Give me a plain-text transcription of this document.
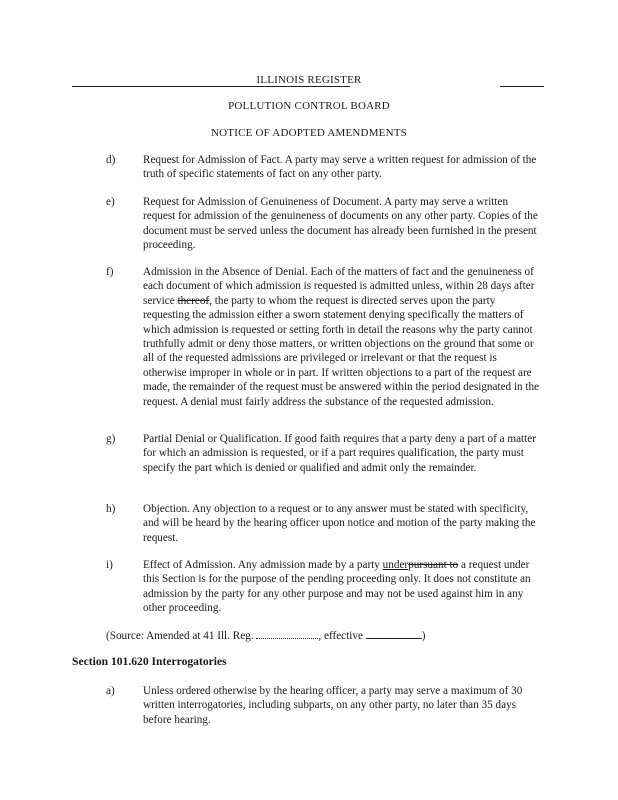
ILLINOIS REGISTER
POLLUTION CONTROL BOARD
NOTICE OF ADOPTED AMENDMENTS
d) Request for Admission of Fact. A party may serve a written request for admission of the truth of specific statements of fact on any other party.
e)	Request for Admission of Genuineness of Document. A party may serve a written request for admission of the genuineness of documents on any other party. Copies of the document must be served unless the document has already been furnished in the present proceeding.
f)	Admission in the Absence of Denial. Each of the matters of fact and the genuineness of each document of which admission is requested is admitted unless, within 28 days after service thereof, the party to whom the request is directed serves upon the party requesting the admission either a sworn statement denying specifically the matters of which admission is requested or setting forth in detail the reasons why the party cannot truthfully admit or deny those matters, or written objections on the ground that some or all of the requested admissions are privileged or irrelevant or that the request is otherwise improper in whole or in part. If written objections to a part of the request are made, the remainder of the request must be answered within the period designated in the request. A denial must fairly address the substance of the requested admission.
g) Partial Denial or Qualification. If good faith requires that a party deny a part of a matter for which an admission is requested, or if a part requires qualification, the party must specify the part which is denied or qualified and admit only the remainder.
h) Objection. Any objection to a request or to any answer must be stated with specificity, and will be heard by the hearing officer upon notice and motion of the party making the request.
i)	Effect of Admission. Any admission made by a party underpursuant to a request under this Section is for the purpose of the pending proceeding only. It does not constitute an admission by the party for any other purpose and may not be used against him in any other proceeding.
(Source: Amended at 41 Ill. Reg.	, effective	)
Section 101.620 Interrogatories
a)	Unless ordered otherwise by the hearing officer, a party may serve a maximum of 30 written interrogatories, including subparts, on any other party, no later than 35 days before hearing.
